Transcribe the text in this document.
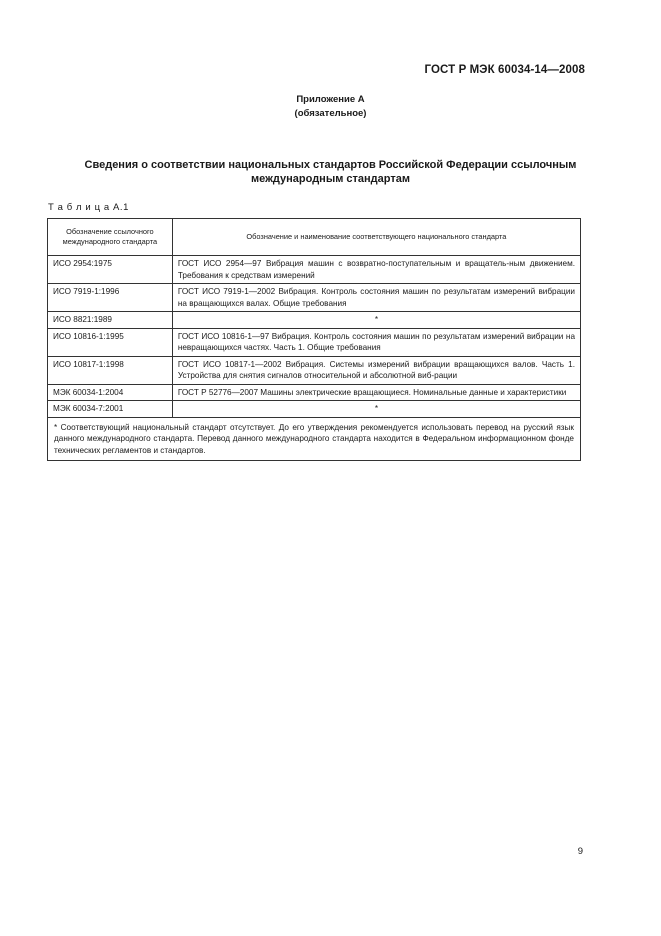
ГОСТ Р МЭК 60034-14—2008
Приложение А
(обязательное)
Сведения о соответствии национальных стандартов Российской Федерации ссылочным международным стандартам
Т а б л и ц а А.1
Обозначение ссылочного международного стандарта	Обозначение и наименование соответствующего национального стандарта
ИСО 2954:1975	ГОСТ ИСО 2954—97 Вибрация машин с возвратно-поступательным и вращатель-ным движением. Требования к средствам измерений
ИСО 7919-1:1996	ГОСТ ИСО 7919-1—2002 Вибрация. Контроль состояния машин по результатам измерений вибрации на вращающихся валах. Общие требования
ИСО 8821:1989	*
ИСО 10816-1:1995	ГОСТ ИСО 10816-1—97 Вибрация. Контроль состояния машин по результатам измерений вибрации на невращающихся частях. Часть 1. Общие требования
ИСО 10817-1:1998	ГОСТ ИСО 10817-1—2002 Вибрация. Системы измерений вибрации вращающихся валов. Часть 1. Устройства для снятия сигналов относительной и абсолютной виб-рации
МЭК 60034-1:2004	ГОСТ Р 52776—2007 Машины электрические вращающиеся. Номинальные данные и характеристики
МЭК 60034-7:2001	*
* Соответствующий национальный стандарт отсутствует. До его утверждения рекомендуется использовать перевод на русский язык данного международного стандарта. Перевод данного международного стандарта находится в Федеральном информационном фонде технических регламентов и стандартов.	
9
